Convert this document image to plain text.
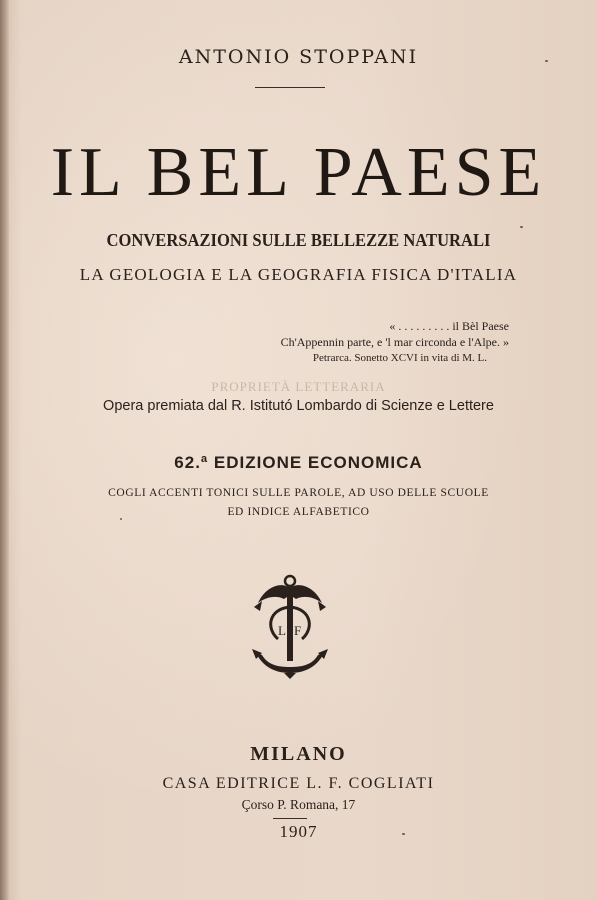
ANTONIO STOPPANI
IL BEL PAESE
CONVERSAZIONI SULLE BELLEZZE NATURALI
LA GEOLOGIA E LA GEOGRAFIA FISICA D'ITALIA
« . . . . . . . . . il Bèl Paese
Ch'Appennin parte, e 'l mar circonda e l'Alpe. »
Petrarca. Sonetto XCVI in vita di M. L.
PROPRIETÀ LETTERARIA
Opera premiata dal R. Istitutó Lombardo di Scienze e Lettere
62.ª EDIZIONE ECONOMICA
COGLI ACCENTI TONICI SULLE PAROLE, AD USO DELLE SCUOLE
ED INDICE ALFABETICO
L F
MILANO
CASA EDITRICE L. F. COGLIATI
Çorso P. Romana, 17
1907
